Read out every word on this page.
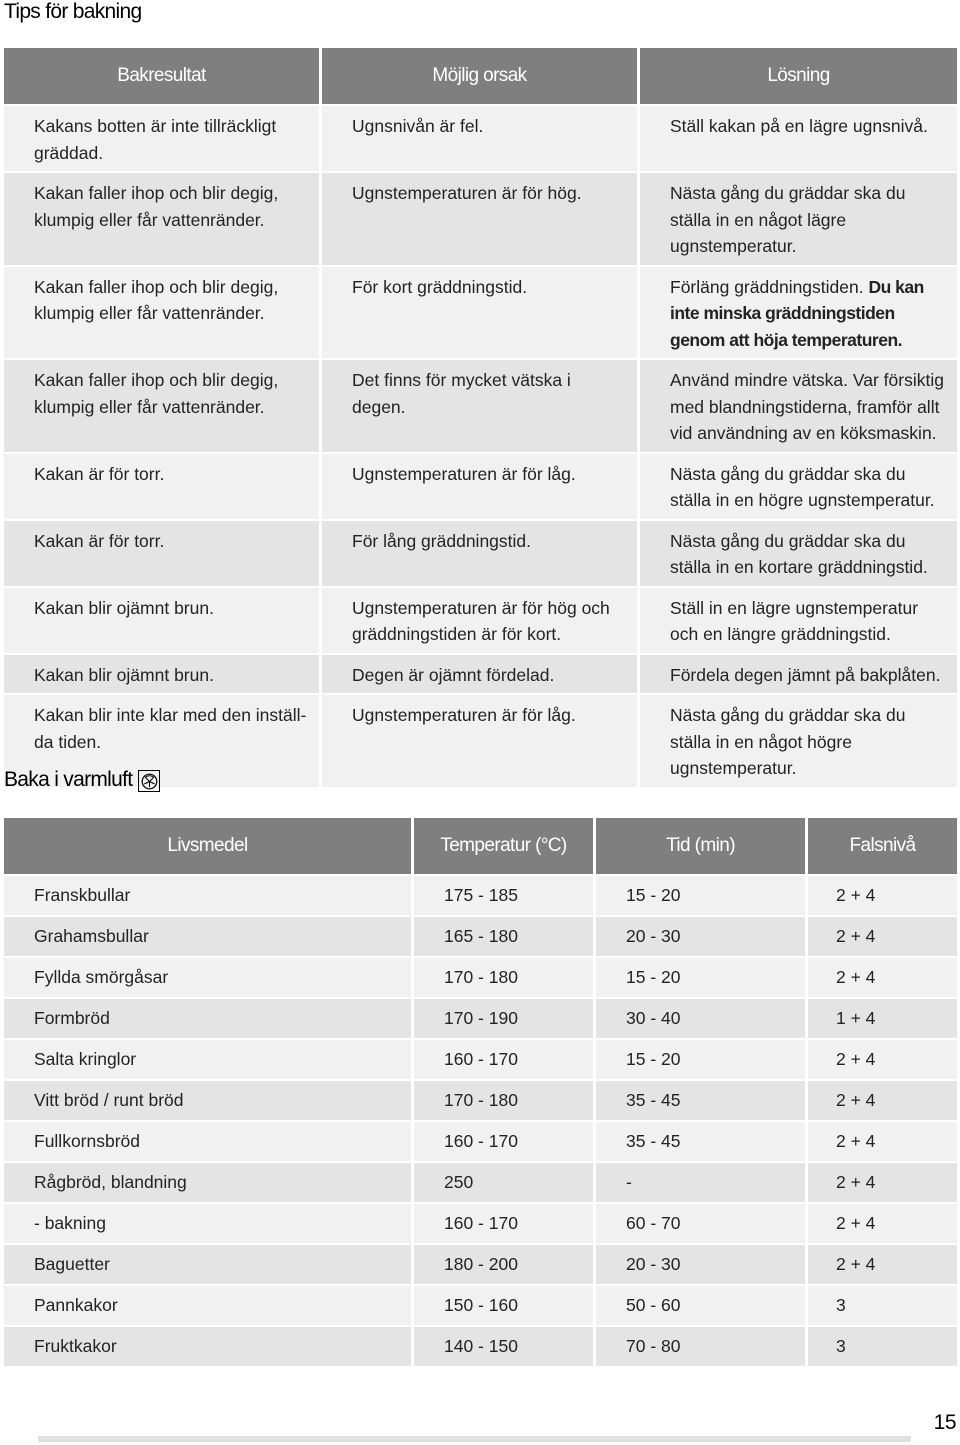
Tips för bakning
Bakresultat	Möjlig orsak	Lösning
Kakans botten är inte tillräckligt gräddad.	Ugnsnivån är fel.	Ställ kakan på en lägre ugnsnivå.
Kakan faller ihop och blir degig, klumpig eller får vattenränder.	Ugnstemperaturen är för hög.	Nästa gång du gräddar ska du ställa in en något lägre ugnstemperatur.
Kakan faller ihop och blir degig, klumpig eller får vattenränder.	För kort gräddningstid.	Förläng gräddningstiden. Du kan inte minska gräddningstiden genom att höja temperaturen.
Kakan faller ihop och blir degig, klumpig eller får vattenränder.	Det finns för mycket vätska i degen.	Använd mindre vätska. Var försiktig med blandningstiderna, framför allt vid användning av en köksmaskin.
Kakan är för torr.	Ugnstemperaturen är för låg.	Nästa gång du gräddar ska du ställa in en högre ugnstemperatur.
Kakan är för torr.	För lång gräddningstid.	Nästa gång du gräddar ska du ställa in en kortare gräddningstid.
Kakan blir ojämnt brun.	Ugnstemperaturen är för hög och gräddningstiden är för kort.	Ställ in en lägre ugnstemperatur och en längre gräddningstid.
Kakan blir ojämnt brun.	Degen är ojämnt fördelad.	Fördela degen jämnt på bakplåten.
Kakan blir inte klar med den inställ-da tiden.	Ugnstemperaturen är för låg.	Nästa gång du gräddar ska du ställa in en något högre ugnstemperatur.
Baka i varmluft
Livsmedel	Temperatur (°C)	Tid (min)	Falsnivå
Franskbullar	175 - 185	15 - 20	2 + 4
Grahamsbullar	165 - 180	20 - 30	2 + 4
Fyllda smörgåsar	170 - 180	15 - 20	2 + 4
Formbröd	170 - 190	30 - 40	1 + 4
Salta kringlor	160 - 170	15 - 20	2 + 4
Vitt bröd / runt bröd	170 - 180	35 - 45	2 + 4
Fullkornsbröd	160 - 170	35 - 45	2 + 4
Rågbröd, blandning	250	-	2 + 4
- bakning	160 - 170	60 - 70	2 + 4
Baguetter	180 - 200	20 - 30	2 + 4
Pannkakor	150 - 160	50 - 60	3
Fruktkakor	140 - 150	70 - 80	3
15
